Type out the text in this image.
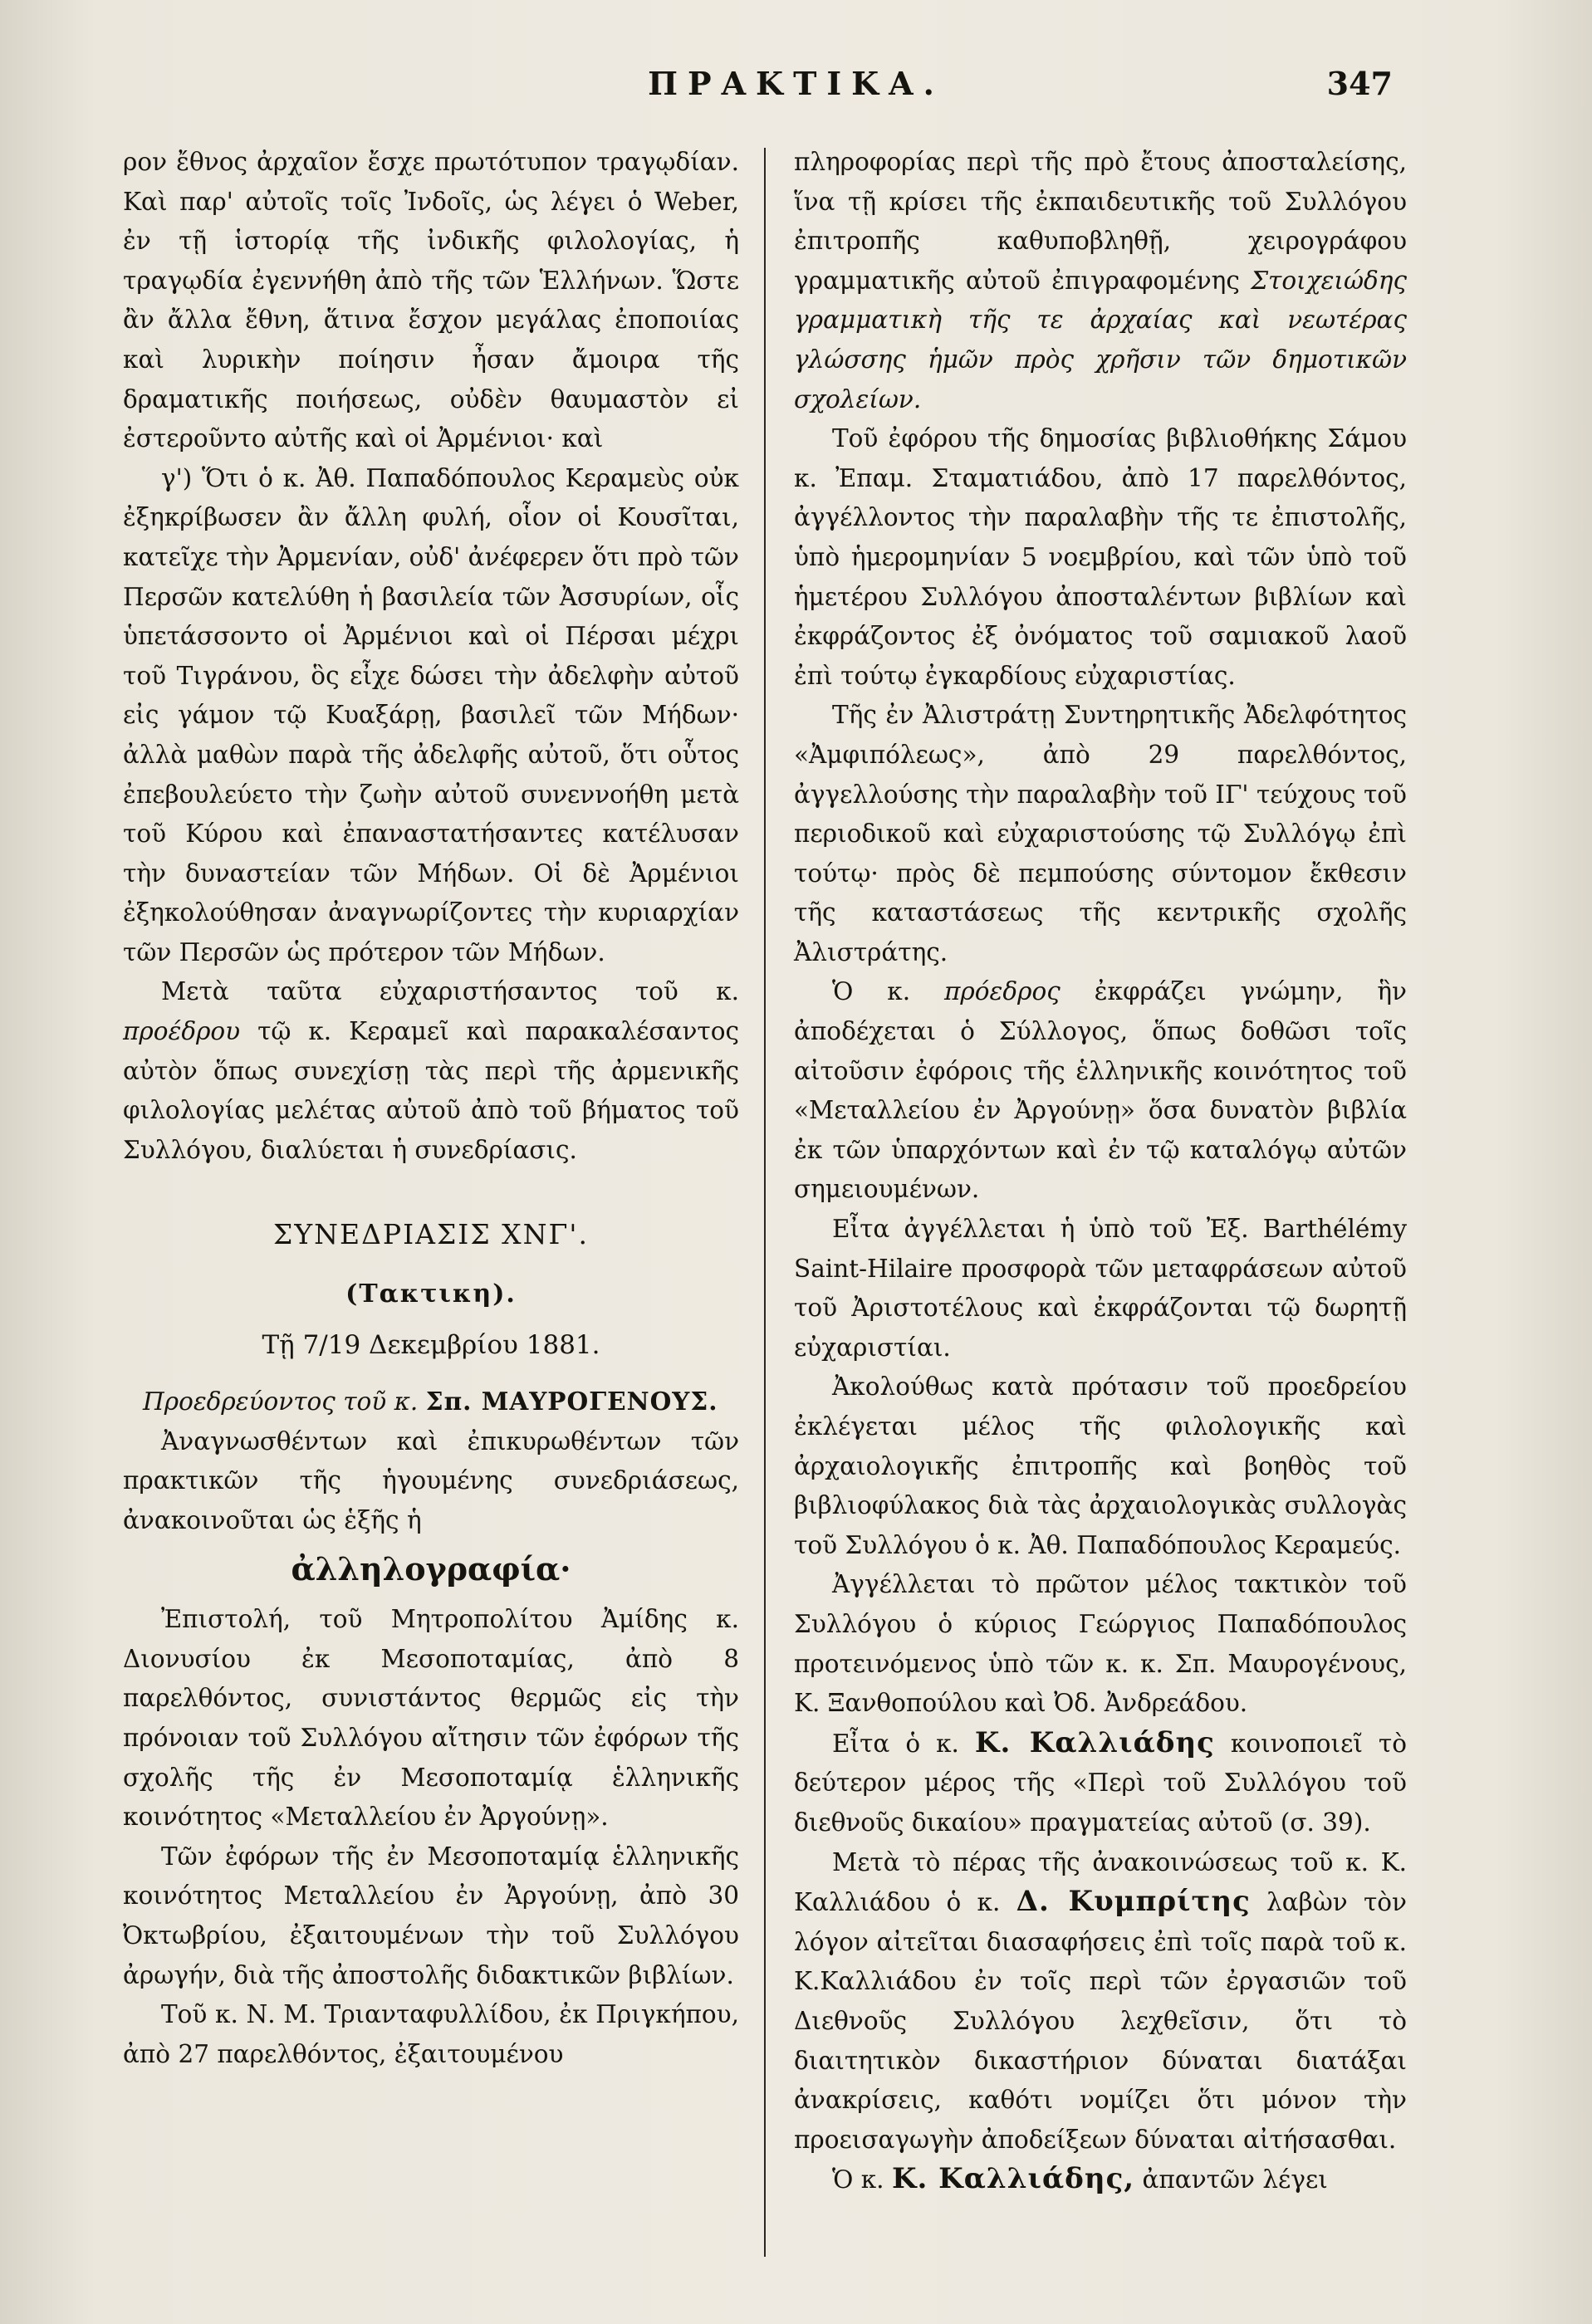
ΠΡΑΚΤΙΚΑ.	347

ρον ἔθνος ἀρχαῖον ἔσχε πρωτότυπον τραγῳδίαν. Καὶ παρ' αὐτοῖς τοῖς Ἰνδοῖς, ὡς λέγει ὁ Weber, ἐν τῇ ἱστορίᾳ τῆς ἰνδικῆς φιλολογίας, ἡ τραγῳδία ἐγεννήθη ἀπὸ τῆς τῶν Ἑλλήνων. Ὥστε ἂν ἄλλα ἔθνη, ἅτινα ἔσχον μεγάλας ἐποποιίας καὶ λυρικὴν ποίησιν ἦσαν ἄμοιρα τῆς δραματικῆς ποιήσεως, οὐδὲν θαυμαστὸν εἰ ἐστεροῦντο αὐτῆς καὶ οἱ Ἀρμένιοι· καὶ

γ') Ὅτι ὁ κ. Ἀθ. Παπαδόπουλος Κεραμεὺς οὐκ ἐξηκρίβωσεν ἂν ἄλλη φυλή, οἷον οἱ Κουσῖται, κατεῖχε τὴν Ἀρμενίαν, οὐδ' ἀνέφερεν ὅτι πρὸ τῶν Περσῶν κατελύθη ἡ βασιλεία τῶν Ἀσσυρίων, οἷς ὑπετάσσοντο οἱ Ἀρμένιοι καὶ οἱ Πέρσαι μέχρι τοῦ Τιγράνου, ὃς εἶχε δώσει τὴν ἀδελφὴν αὐτοῦ εἰς γάμον τῷ Κυαξάρῃ, βασιλεῖ τῶν Μήδων· ἀλλὰ μαθὼν παρὰ τῆς ἀδελφῆς αὐτοῦ, ὅτι οὗτος ἐπεβουλεύετο τὴν ζωὴν αὐτοῦ συνεννοήθη μετὰ τοῦ Κύρου καὶ ἐπαναστατήσαντες κατέλυσαν τὴν δυναστείαν τῶν Μήδων. Οἱ δὲ Ἀρμένιοι ἐξηκολούθησαν ἀναγνωρίζοντες τὴν κυριαρχίαν τῶν Περσῶν ὡς πρότερον τῶν Μήδων.

Μετὰ ταῦτα εὐχαριστήσαντος τοῦ κ. προέδρου τῷ κ. Κεραμεῖ καὶ παρακαλέσαντος αὐτὸν ὅπως συνεχίσῃ τὰς περὶ τῆς ἀρμενικῆς φιλολογίας μελέτας αὐτοῦ ἀπὸ τοῦ βήματος τοῦ Συλλόγου, διαλύεται ἡ συνεδρίασις.

ΣΥΝΕΔΡΙΑΣΙΣ ΧΝΓ'.
(Τακτικη).
Τῇ 7/19 Δεκεμβρίου 1881.

Προεδρεύοντος τοῦ κ. Σπ. ΜΑΥΡΟΓΕΝΟΥΣ.

Ἀναγνωσθέντων καὶ ἐπικυρωθέντων τῶν πρακτικῶν τῆς ἡγουμένης συνεδριάσεως, ἀνακοινοῦται ὡς ἑξῆς ἡ

ἀλληλογραφία·

Ἐπιστολή, τοῦ Μητροπολίτου Ἀμίδης κ. Διονυσίου ἐκ Μεσοποταμίας, ἀπὸ 8 παρελθόντος, συνιστάντος θερμῶς εἰς τὴν πρόνοιαν τοῦ Συλλόγου αἴτησιν τῶν ἐφόρων τῆς σχολῆς τῆς ἐν Μεσοποταμίᾳ ἑλληνικῆς κοινότητος «Μεταλλείου ἐν Ἀργούνῃ».

Τῶν ἐφόρων τῆς ἐν Μεσοποταμίᾳ ἑλληνικῆς κοινότητος Μεταλλείου ἐν Ἀργούνῃ, ἀπὸ 30 Ὀκτωβρίου, ἐξαιτουμένων τὴν τοῦ Συλλόγου ἀρωγήν, διὰ τῆς ἀποστολῆς διδακτικῶν βιβλίων.

Τοῦ κ. Ν. Μ. Τριανταφυλλίδου, ἐκ Πριγκήπου, ἀπὸ 27 παρελθόντος, ἐξαιτουμένου

πληροφορίας περὶ τῆς πρὸ ἔτους ἀποσταλείσης, ἵνα τῇ κρίσει τῆς ἐκπαιδευτικῆς τοῦ Συλλόγου ἐπιτροπῆς καθυποβληθῇ, χειρογράφου γραμματικῆς αὐτοῦ ἐπιγραφομένης Στοιχειώδης γραμματικὴ τῆς τε ἀρχαίας καὶ νεωτέρας γλώσσης ἡμῶν πρὸς χρῆσιν τῶν δημοτικῶν σχολείων.

Τοῦ ἐφόρου τῆς δημοσίας βιβλιοθήκης Σάμου κ. Ἐπαμ. Σταματιάδου, ἀπὸ 17 παρελθόντος, ἀγγέλλοντος τὴν παραλαβὴν τῆς τε ἐπιστολῆς, ὑπὸ ἡμερομηνίαν 5 νοεμβρίου, καὶ τῶν ὑπὸ τοῦ ἡμετέρου Συλλόγου ἀποσταλέντων βιβλίων καὶ ἐκφράζοντος ἐξ ὀνόματος τοῦ σαμιακοῦ λαοῦ ἐπὶ τούτῳ ἐγκαρδίους εὐχαριστίας.

Τῆς ἐν Ἀλιστράτῃ Συντηρητικῆς Ἀδελφότητος «Ἀμφιπόλεως», ἀπὸ 29 παρελθόντος, ἀγγελλούσης τὴν παραλαβὴν τοῦ ΙΓ' τεύχους τοῦ περιοδικοῦ καὶ εὐχαριστούσης τῷ Συλλόγῳ ἐπὶ τούτῳ· πρὸς δὲ πεμπούσης σύντομον ἔκθεσιν τῆς καταστάσεως τῆς κεντρικῆς σχολῆς Ἀλιστράτης.

Ὁ κ. πρόεδρος ἐκφράζει γνώμην, ἣν ἀποδέχεται ὁ Σύλλογος, ὅπως δοθῶσι τοῖς αἰτοῦσιν ἐφόροις τῆς ἑλληνικῆς κοινότητος τοῦ «Μεταλλείου ἐν Ἀργούνῃ» ὅσα δυνατὸν βιβλία ἐκ τῶν ὑπαρχόντων καὶ ἐν τῷ καταλόγῳ αὐτῶν σημειουμένων.

Εἶτα ἀγγέλλεται ἡ ὑπὸ τοῦ Ἐξ. Barthélémy Saint-Hilaire προσφορὰ τῶν μεταφράσεων αὐτοῦ τοῦ Ἀριστοτέλους καὶ ἐκφράζονται τῷ δωρητῇ εὐχαριστίαι.

Ἀκολούθως κατὰ πρότασιν τοῦ προεδρείου ἐκλέγεται μέλος τῆς φιλολογικῆς καὶ ἀρχαιολογικῆς ἐπιτροπῆς καὶ βοηθὸς τοῦ βιβλιοφύλακος διὰ τὰς ἀρχαιολογικὰς συλλογὰς τοῦ Συλλόγου ὁ κ. Ἀθ. Παπαδόπουλος Κεραμεύς.

Ἀγγέλλεται τὸ πρῶτον μέλος τακτικὸν τοῦ Συλλόγου ὁ κύριος Γεώργιος Παπαδόπουλος προτεινόμενος ὑπὸ τῶν κ. κ. Σπ. Μαυρογένους, Κ. Ξανθοπούλου καὶ Ὀδ. Ἀνδρεάδου.

Εἶτα ὁ κ. Κ. Καλλιάδης κοινοποιεῖ τὸ δεύτερον μέρος τῆς «Περὶ τοῦ Συλλόγου τοῦ διεθνοῦς δικαίου» πραγματείας αὐτοῦ (σ. 39).

Μετὰ τὸ πέρας τῆς ἀνακοινώσεως τοῦ κ. Κ. Καλλιάδου ὁ κ. Δ. Κυμπρίτης λαβὼν τὸν λόγον αἰτεῖται διασαφήσεις ἐπὶ τοῖς παρὰ τοῦ κ. Κ.Καλλιάδου ἐν τοῖς περὶ τῶν ἐργασιῶν τοῦ Διεθνοῦς Συλλόγου λεχθεῖσιν, ὅτι τὸ διαιτητικὸν δικαστήριον δύναται διατάξαι ἀνακρίσεις, καθότι νομίζει ὅτι μόνον τὴν προεισαγωγὴν ἀποδείξεων δύναται αἰτήσασθαι.

Ὁ κ. Κ. Καλλιάδης, ἀπαντῶν λέγει
